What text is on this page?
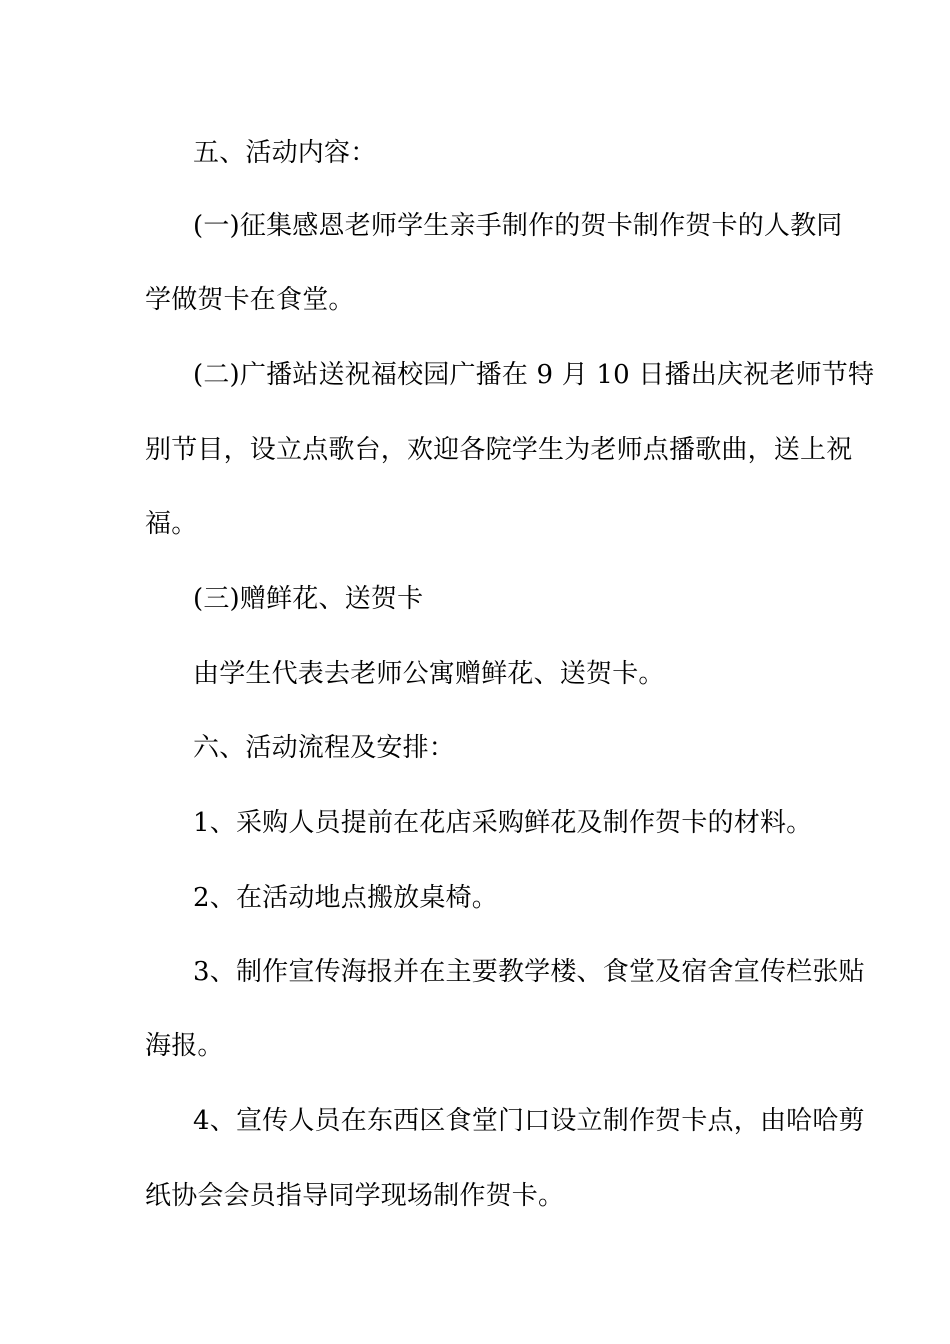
五、活动内容：
(一)征集感恩老师学生亲手制作的贺卡制作贺卡的人教同
学做贺卡在食堂。
(二)广播站送祝福校园广播在 9 月 10 日播出庆祝老师节特
别节目，设立点歌台，欢迎各院学生为老师点播歌曲，送上祝
福。
(三)赠鲜花、送贺卡
由学生代表去老师公寓赠鲜花、送贺卡。
六、活动流程及安排：
1、采购人员提前在花店采购鲜花及制作贺卡的材料。
2、在活动地点搬放桌椅。
3、制作宣传海报并在主要教学楼、食堂及宿舍宣传栏张贴
海报。
4、宣传人员在东西区食堂门口设立制作贺卡点，由哈哈剪
纸协会会员指导同学现场制作贺卡。
